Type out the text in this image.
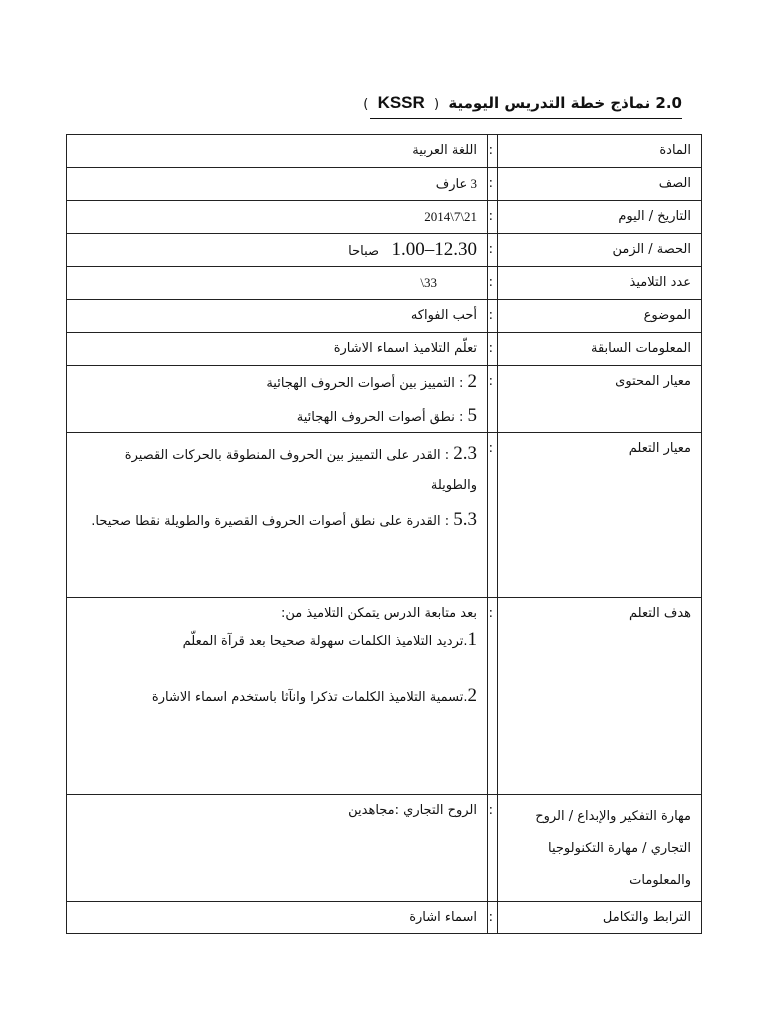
2.0 نماذج خطة التدريس اليومية ( KSSR )
المادة	:	اللغة العربية
الصف	:	3 عارف
التاريخ / اليوم	:	2014\7\21
الحصة / الزمن	:	1.00–12.30   صباحا
عدد التلاميذ	:	\33
الموضوع	:	أحب الفواكه
المعلومات السابقة	:	تعلّم التلاميذ اسماء الاشارة
معيار المحتوى	:	2 : التمييز بين أصوات الحروف الهجائية
5 : نطق أصوات الحروف الهجائية

معيار التعلم	:	2.3 : القدر على التمييز بين الحروف المنطوقة بالحركات القصيرة والطويلة
5.3 : القدرة على نطق أصوات الحروف القصيرة والطويلة نقطا صحيحا.

هدف التعلم	:	بعد متابعة الدرس يتمكن التلاميذ من:
1.ترديد التلاميذ الكلمات سهولة صحيحا بعد قرآة المعلّم
2.تسمية التلاميذ الكلمات تذكرا وانآثا باستخدم اسماء الاشارة

مهارة التفكير والإبداع / الروح التجاري / مهارة التكنولوجيا والمعلومات	:	الروح التجاري :مجاهدين
الترابط والتكامل	:	اسماء اشارة
